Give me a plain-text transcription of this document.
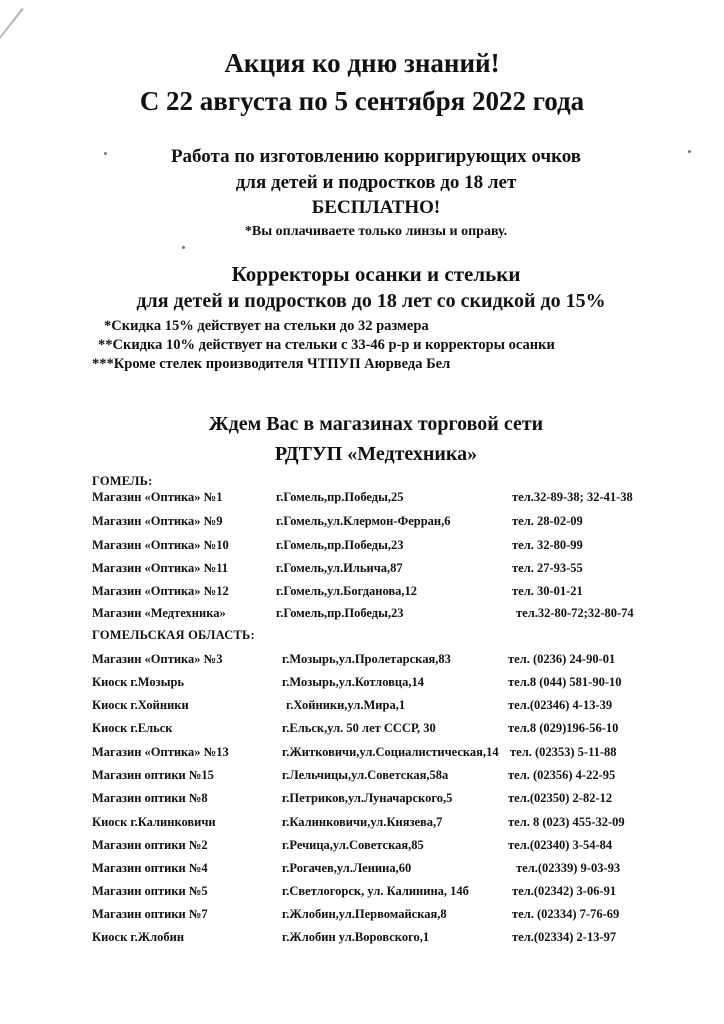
Акция ко дню знаний!
С 22 августа по 5 сентября 2022 года
Работа по изготовлению корригирующих очков
для детей и подростков до 18 лет
БЕСПЛАТНО!
*Вы оплачиваете только линзы и оправу.
Корректоры осанки и стельки
для детей и подростков до 18 лет со скидкой до 15%
*Скидка 15% действует на стельки до 32 размера
**Скидка 10% действует на стельки с 33-46 р-р и корректоры осанки
***Кроме стелек производителя ЧТПУП Аюрведа Бел
Ждем Вас в магазинах торговой сети
РДТУП «Медтехника»
ГОМЕЛЬ:
ГОМЕЛЬСКАЯ ОБЛАСТЬ:
Магазин «Оптика» №1	г.Гомель,пр.Победы,25	тел.32-89-38; 32-41-38
Магазин «Оптика» №9	г.Гомель,ул.Клермон-Ферран,6	тел. 28-02-09
Магазин «Оптика» №10	г.Гомель,пр.Победы,23	тел. 32-80-99
Магазин «Оптика» №11	г.Гомель,ул.Ильича,87	тел. 27-93-55
Магазин «Оптика» №12	г.Гомель,ул.Богданова,12	тел. 30-01-21
Магазин «Медтехника»	г.Гомель,пр.Победы,23	тел.32-80-72;32-80-74
Магазин «Оптика» №3	г.Мозырь,ул.Пролетарская,83	тел. (0236) 24-90-01
Киоск г.Мозырь	г.Мозырь,ул.Котловца,14	тел.8 (044) 581-90-10
Киоск г.Хойники	г.Хойники,ул.Мира,1	тел.(02346) 4-13-39
Киоск г.Ельск	г.Ельск,ул. 50 лет СССР, 30	тел.8 (029)196-56-10
Магазин «Оптика» №13	г.Житковичи,ул.Социалистическая,14 тел. (02353) 5-11-88
Магазин оптики №15	г.Лельчицы,ул.Советская,58а	тел. (02356) 4-22-95
Магазин оптики №8	г.Петриков,ул.Луначарского,5	тел.(02350) 2-82-12
Киоск г.Калинковичи	г.Калинковичи,ул.Князева,7	тел. 8 (023) 455-32-09
Магазин оптики №2	г.Речица,ул.Советская,85	тел.(02340) 3-54-84
Магазин оптики №4	г.Рогачев,ул.Ленина,60	тел.(02339) 9-03-93
Магазин оптики №5	г.Светлогорск, ул. Калинина, 14б	тел.(02342) 3-06-91
Магазин оптики №7	г.Жлобин,ул.Первомайская,8	тел. (02334) 7-76-69
Киоск г.Жлобин	г.Жлобин ул.Воровского,1	тел.(02334) 2-13-97
